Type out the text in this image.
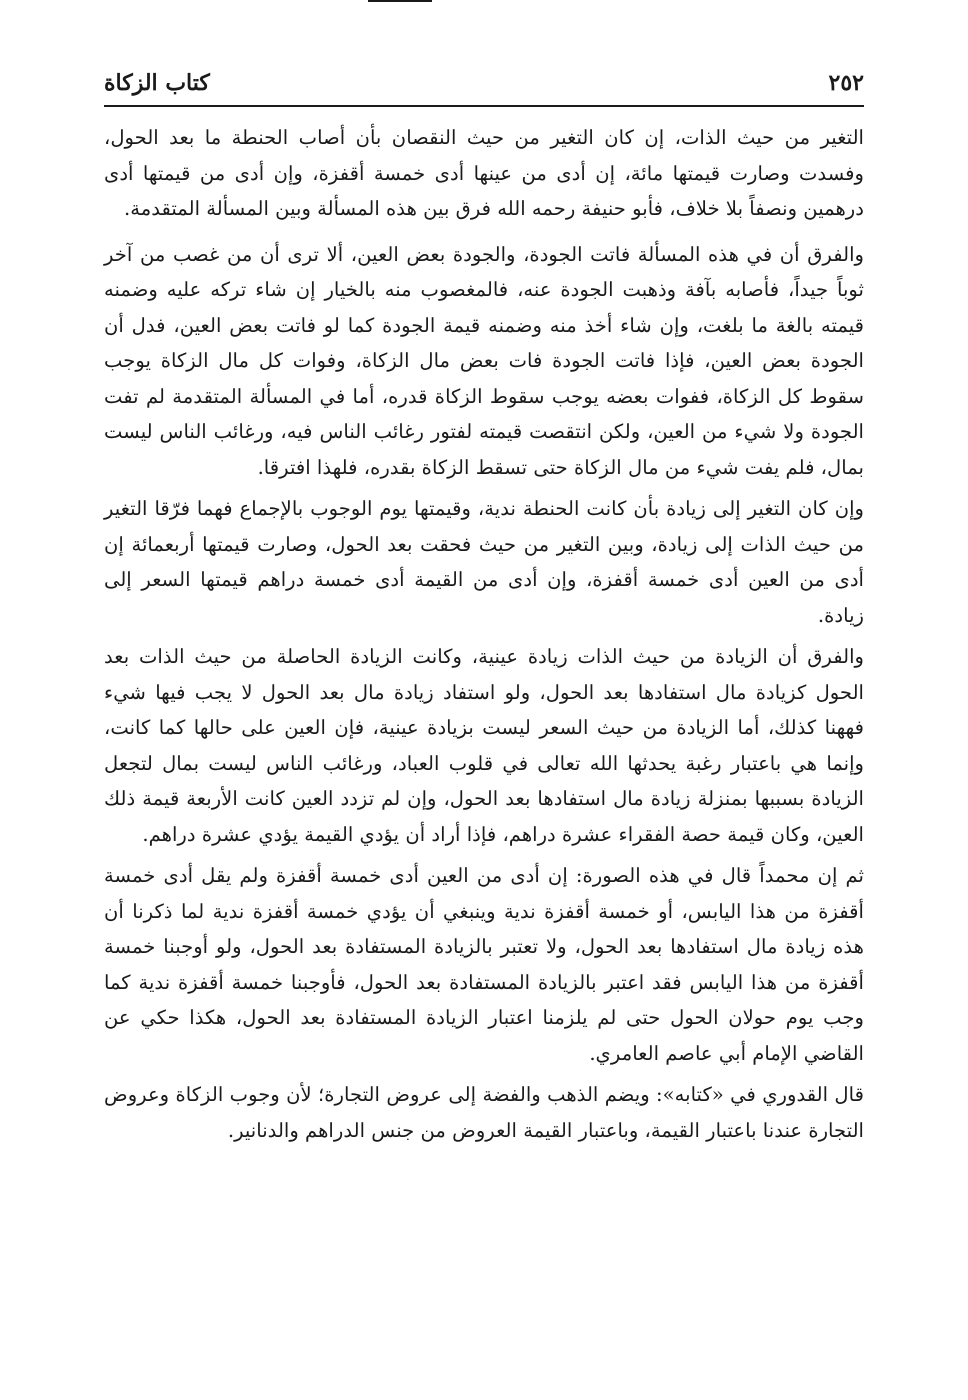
كتاب الزكاة	٢٥٢

التغير من حيث الذات، إن كان التغير من حيث النقصان بأن أصاب الحنطة ما بعد الحول، وفسدت وصارت قيمتها مائة، إن أدى من عينها أدى خمسة أقفزة، وإن أدى من قيمتها أدى درهمين ونصفاً بلا خلاف، فأبو حنيفة رحمه الله فرق بين هذه المسألة وبين المسألة المتقدمة.

والفرق أن في هذه المسألة فاتت الجودة، والجودة بعض العين، ألا ترى أن من غصب من آخر ثوباً جيداً، فأصابه بآفة وذهبت الجودة عنه، فالمغصوب منه بالخيار إن شاء تركه عليه وضمنه قيمته بالغة ما بلغت، وإن شاء أخذ منه وضمنه قيمة الجودة كما لو فاتت بعض العين، فدل أن الجودة بعض العين، فإذا فاتت الجودة فات بعض مال الزكاة، وفوات كل مال الزكاة يوجب سقوط كل الزكاة، ففوات بعضه يوجب سقوط الزكاة قدره، أما في المسألة المتقدمة لم تفت الجودة ولا شيء من العين، ولكن انتقصت قيمته لفتور رغائب الناس فيه، ورغائب الناس ليست بمال، فلم يفت شيء من مال الزكاة حتى تسقط الزكاة بقدره، فلهذا افترقا.

وإن كان التغير إلى زيادة بأن كانت الحنطة ندية، وقيمتها يوم الوجوب بالإجماع فهما فرّقا التغير من حيث الذات إلى زيادة، وبين التغير من حيث فحقت بعد الحول، وصارت قيمتها أربعمائة إن أدى من العين أدى خمسة أقفزة، وإن أدى من القيمة أدى خمسة دراهم قيمتها السعر إلى زيادة.

والفرق أن الزيادة من حيث الذات زيادة عينية، وكانت الزيادة الحاصلة من حيث الذات بعد الحول كزيادة مال استفادها بعد الحول، ولو استفاد زيادة مال بعد الحول لا يجب فيها شيء فههنا كذلك، أما الزيادة من حيث السعر ليست بزيادة عينية، فإن العين على حالها كما كانت، وإنما هي باعتبار رغبة يحدثها الله تعالى في قلوب العباد، ورغائب الناس ليست بمال لتجعل الزيادة بسببها بمنزلة زيادة مال استفادها بعد الحول، وإن لم تزدد العين كانت الأربعة قيمة ذلك العين، وكان قيمة حصة الفقراء عشرة دراهم، فإذا أراد أن يؤدي القيمة يؤدي عشرة دراهم.

ثم إن محمداً قال في هذه الصورة: إن أدى من العين أدى خمسة أقفزة ولم يقل أدى خمسة أقفزة من هذا اليابس، أو خمسة أقفزة ندية وينبغي أن يؤدي خمسة أقفزة ندية لما ذكرنا أن هذه زيادة مال استفادها بعد الحول، ولا تعتبر بالزيادة المستفادة بعد الحول، ولو أوجبنا خمسة أقفزة من هذا اليابس فقد اعتبر بالزيادة المستفادة بعد الحول، فأوجبنا خمسة أقفزة ندية كما وجب يوم حولان الحول حتى لم يلزمنا اعتبار الزيادة المستفادة بعد الحول، هكذا حكي عن القاضي الإمام أبي عاصم العامري.

قال القدوري في «كتابه»: ويضم الذهب والفضة إلى عروض التجارة؛ لأن وجوب الزكاة وعروض التجارة عندنا باعتبار القيمة، وباعتبار القيمة العروض من جنس الدراهم والدنانير.
